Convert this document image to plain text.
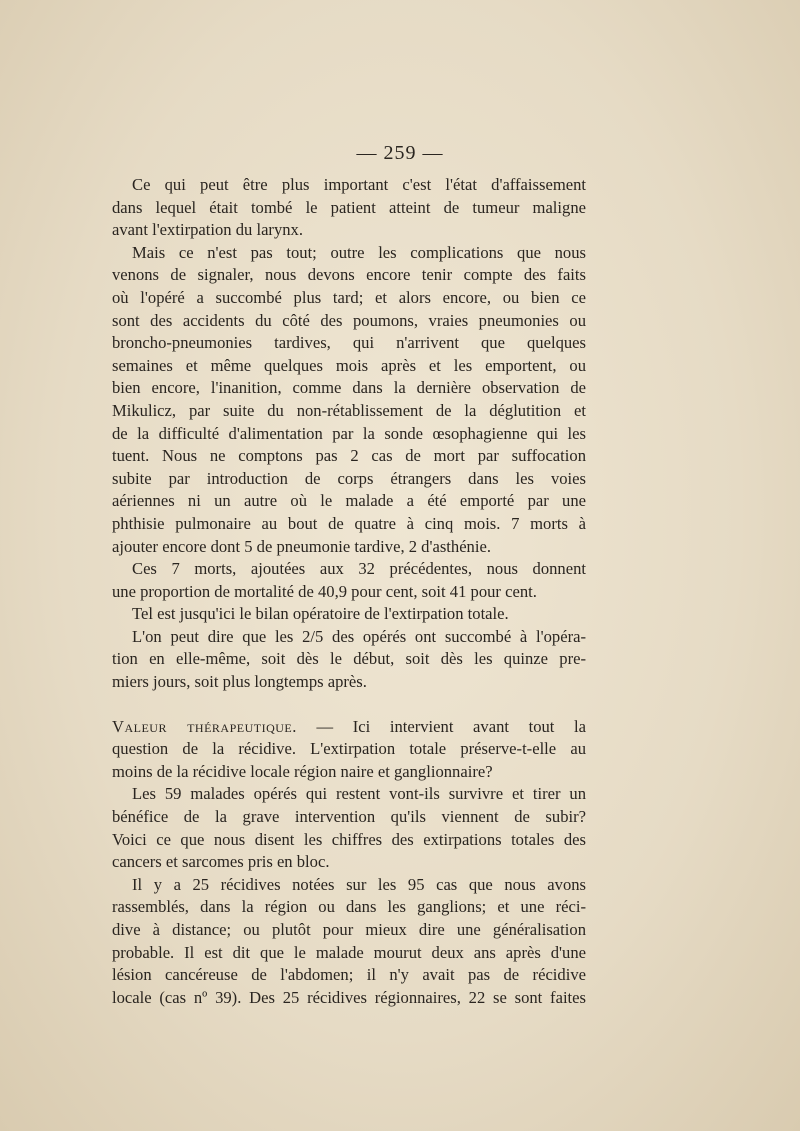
— 259 —

Ce qui peut être plus important c'est l'état d'affaissement
dans lequel était tombé le patient atteint de tumeur maligne
avant l'extirpation du larynx.

Mais ce n'est pas tout; outre les complications que nous
venons de signaler, nous devons encore tenir compte des faits
où l'opéré a succombé plus tard; et alors encore, ou bien ce
sont des accidents du côté des poumons, vraies pneumonies ou
broncho-pneumonies tardives, qui n'arrivent que quelques
semaines et même quelques mois après et les emportent, ou
bien encore, l'inanition, comme dans la dernière observation de
Mikulicz, par suite du non-rétablissement de la déglutition et
de la difficulté d'alimentation par la sonde œsophagienne qui les
tuent. Nous ne comptons pas 2 cas de mort par suffocation
subite par introduction de corps étrangers dans les voies
aériennes ni un autre où le malade a été emporté par une
phthisie pulmonaire au bout de quatre à cinq mois. 7 morts à
ajouter encore dont 5 de pneumonie tardive, 2 d'asthénie.

Ces 7 morts, ajoutées aux 32 précédentes, nous donnent
une proportion de mortalité de 40,9 pour cent, soit 41 pour cent.

Tel est jusqu'ici le bilan opératoire de l'extirpation totale.

L'on peut dire que les 2/5 des opérés ont succombé à l'opéra-
tion en elle-même, soit dès le début, soit dès les quinze pre-
miers jours, soit plus longtemps après.

Valeur thérapeutique. — Ici intervient avant tout la
question de la récidive. L'extirpation totale préserve-t-elle au
moins de la récidive locale région naire et ganglionnaire?

Les 59 malades opérés qui restent vont-ils survivre et tirer un
bénéfice de la grave intervention qu'ils viennent de subir?
Voici ce que nous disent les chiffres des extirpations totales des
cancers et sarcomes pris en bloc.

Il y a 25 récidives notées sur les 95 cas que nous avons
rassemblés, dans la région ou dans les ganglions; et une réci-
dive à distance; ou plutôt pour mieux dire une généralisation
probable. Il est dit que le malade mourut deux ans après d'une
lésion cancéreuse de l'abdomen; il n'y avait pas de récidive
locale (cas nº 39). Des 25 récidives régionnaires, 22 se sont faites
